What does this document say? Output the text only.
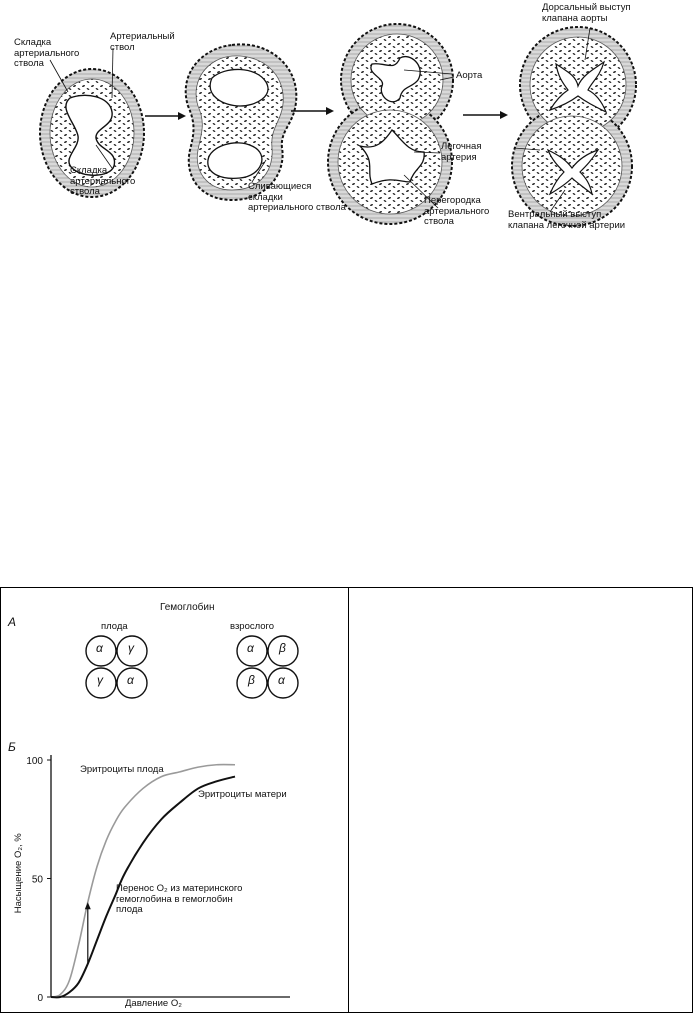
Складка
артериального
ствола
Артериальный
ствол
Складка
артериального
ствола	Сливающиеся
складки
артериального ствола
Аорта
Легочная
артерия
Перегородка
артериального
ствола
Дорсальный выступ
клапана аорты
Вентральный выступ
клапана легочной артерии
Гемоглобин
А	плода	взрослого
α γ
γ α
α β
β α
Б
0
50
100
Эритроциты плода
Эритроциты матери
Перенос O₂ из материнского
гемоглобина в гемоглобин
плода
Давление O₂
Насыщение O₂, %
